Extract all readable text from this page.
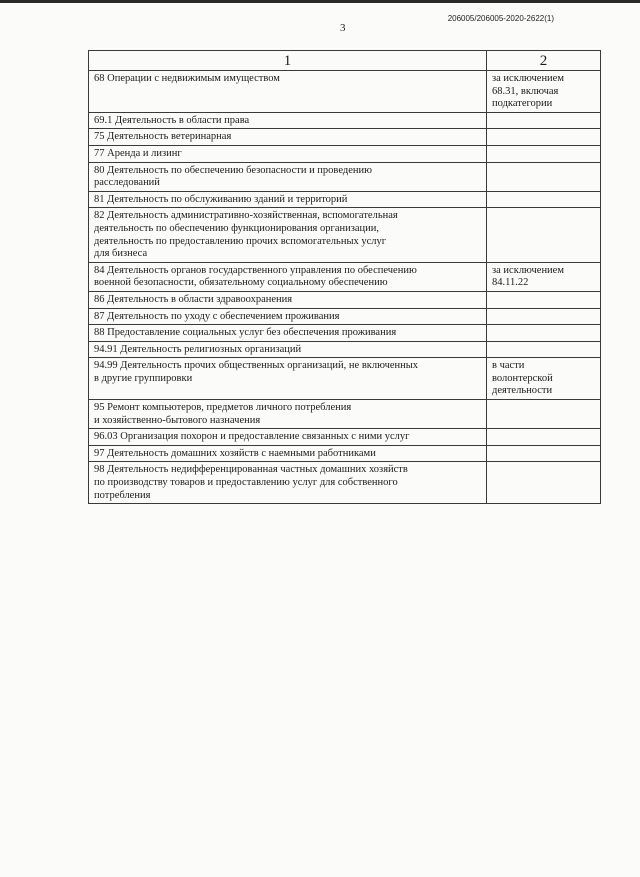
206005/206005-2020-2622(1)
3
1	2

68 Операции с недвижимым имуществом	за исключением
68.31, включая
подкатегории

69.1 Деятельность в области права	

75 Деятельность ветеринарная	

77 Аренда и лизинг	

80 Деятельность по обеспечению безопасности и проведению
расследований	

81 Деятельность по обслуживанию зданий и территорий	

82 Деятельность административно-хозяйственная, вспомогательная
деятельность по обеспечению функционирования организации,
деятельность по предоставлению прочих вспомогательных услуг
для бизнеса	

84 Деятельность органов государственного управления по обеспечению
военной безопасности, обязательному социальному обеспечению	за исключением
84.11.22

86 Деятельность в области здравоохранения	

87 Деятельность по уходу с обеспечением проживания	

88 Предоставление социальных услуг без обеспечения проживания	

94.91 Деятельность религиозных организаций	

94.99 Деятельность прочих общественных организаций, не включенных
в другие группировки	в части
волонтерской
деятельности

95 Ремонт компьютеров, предметов личного потребления
и хозяйственно-бытового назначения	

96.03 Организация похорон и предоставление связанных с ними услуг	

97 Деятельность домашних хозяйств с наемными работниками	

98 Деятельность недифференцированная частных домашних хозяйств
по производству товаров и предоставлению услуг для собственного
потребления	
